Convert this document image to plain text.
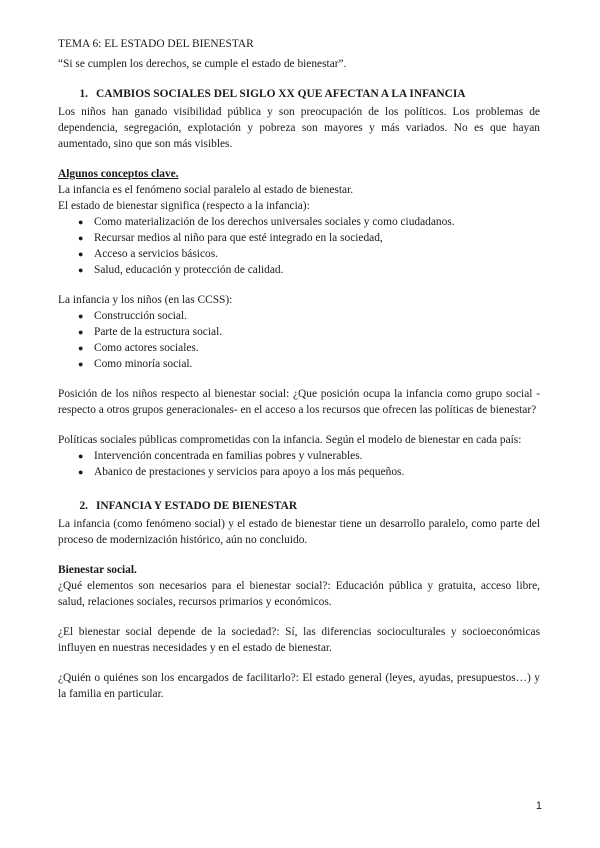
TEMA 6: EL ESTADO DEL BIENESTAR

“Si se cumplen los derechos, se cumple el estado de bienestar”.

1. CAMBIOS SOCIALES DEL SIGLO XX QUE AFECTAN A LA INFANCIA

Los niños han ganado visibilidad pública y son preocupación de los políticos. Los problemas de dependencia, segregación, explotación y pobreza son mayores y más variados. No es que hayan aumentado, sino que son más visibles.

Algunos conceptos clave.

La infancia es el fenómeno social paralelo al estado de bienestar.

El estado de bienestar significa (respecto a la infancia):

● Como materialización de los derechos universales sociales y como ciudadanos.
● Recursar medios al niño para que esté integrado en la sociedad,
● Acceso a servicios básicos.
● Salud, educación y protección de calidad.

La infancia y los niños (en las CCSS):

● Construcción social.
● Parte de la estructura social.
● Como actores sociales.
● Como minoría social.

Posición de los niños respecto al bienestar social: ¿Que posición ocupa la infancia como grupo social -respecto a otros grupos generacionales- en el acceso a los recursos que ofrecen las políticas de bienestar?

Políticas sociales públicas comprometidas con la infancia. Según el modelo de bienestar en cada país:

● Intervención concentrada en familias pobres y vulnerables.
● Abanico de prestaciones y servicios para apoyo a los más pequeños.

2. INFANCIA Y ESTADO DE BIENESTAR

La infancia (como fenómeno social) y el estado de bienestar tiene un desarrollo paralelo, como parte del proceso de modernización histórico, aún no concluido.

Bienestar social.

¿Qué elementos son necesarios para el bienestar social?: Educación pública y gratuita, acceso libre, salud, relaciones sociales, recursos primarios y económicos.

¿El bienestar social depende de la sociedad?: Sí, las diferencias socioculturales y socioeconómicas influyen en nuestras necesidades y en el estado de bienestar.

¿Quién o quiénes son los encargados de facilitarlo?: El estado general (leyes, ayudas, presupuestos…) y la familia en particular.

1
